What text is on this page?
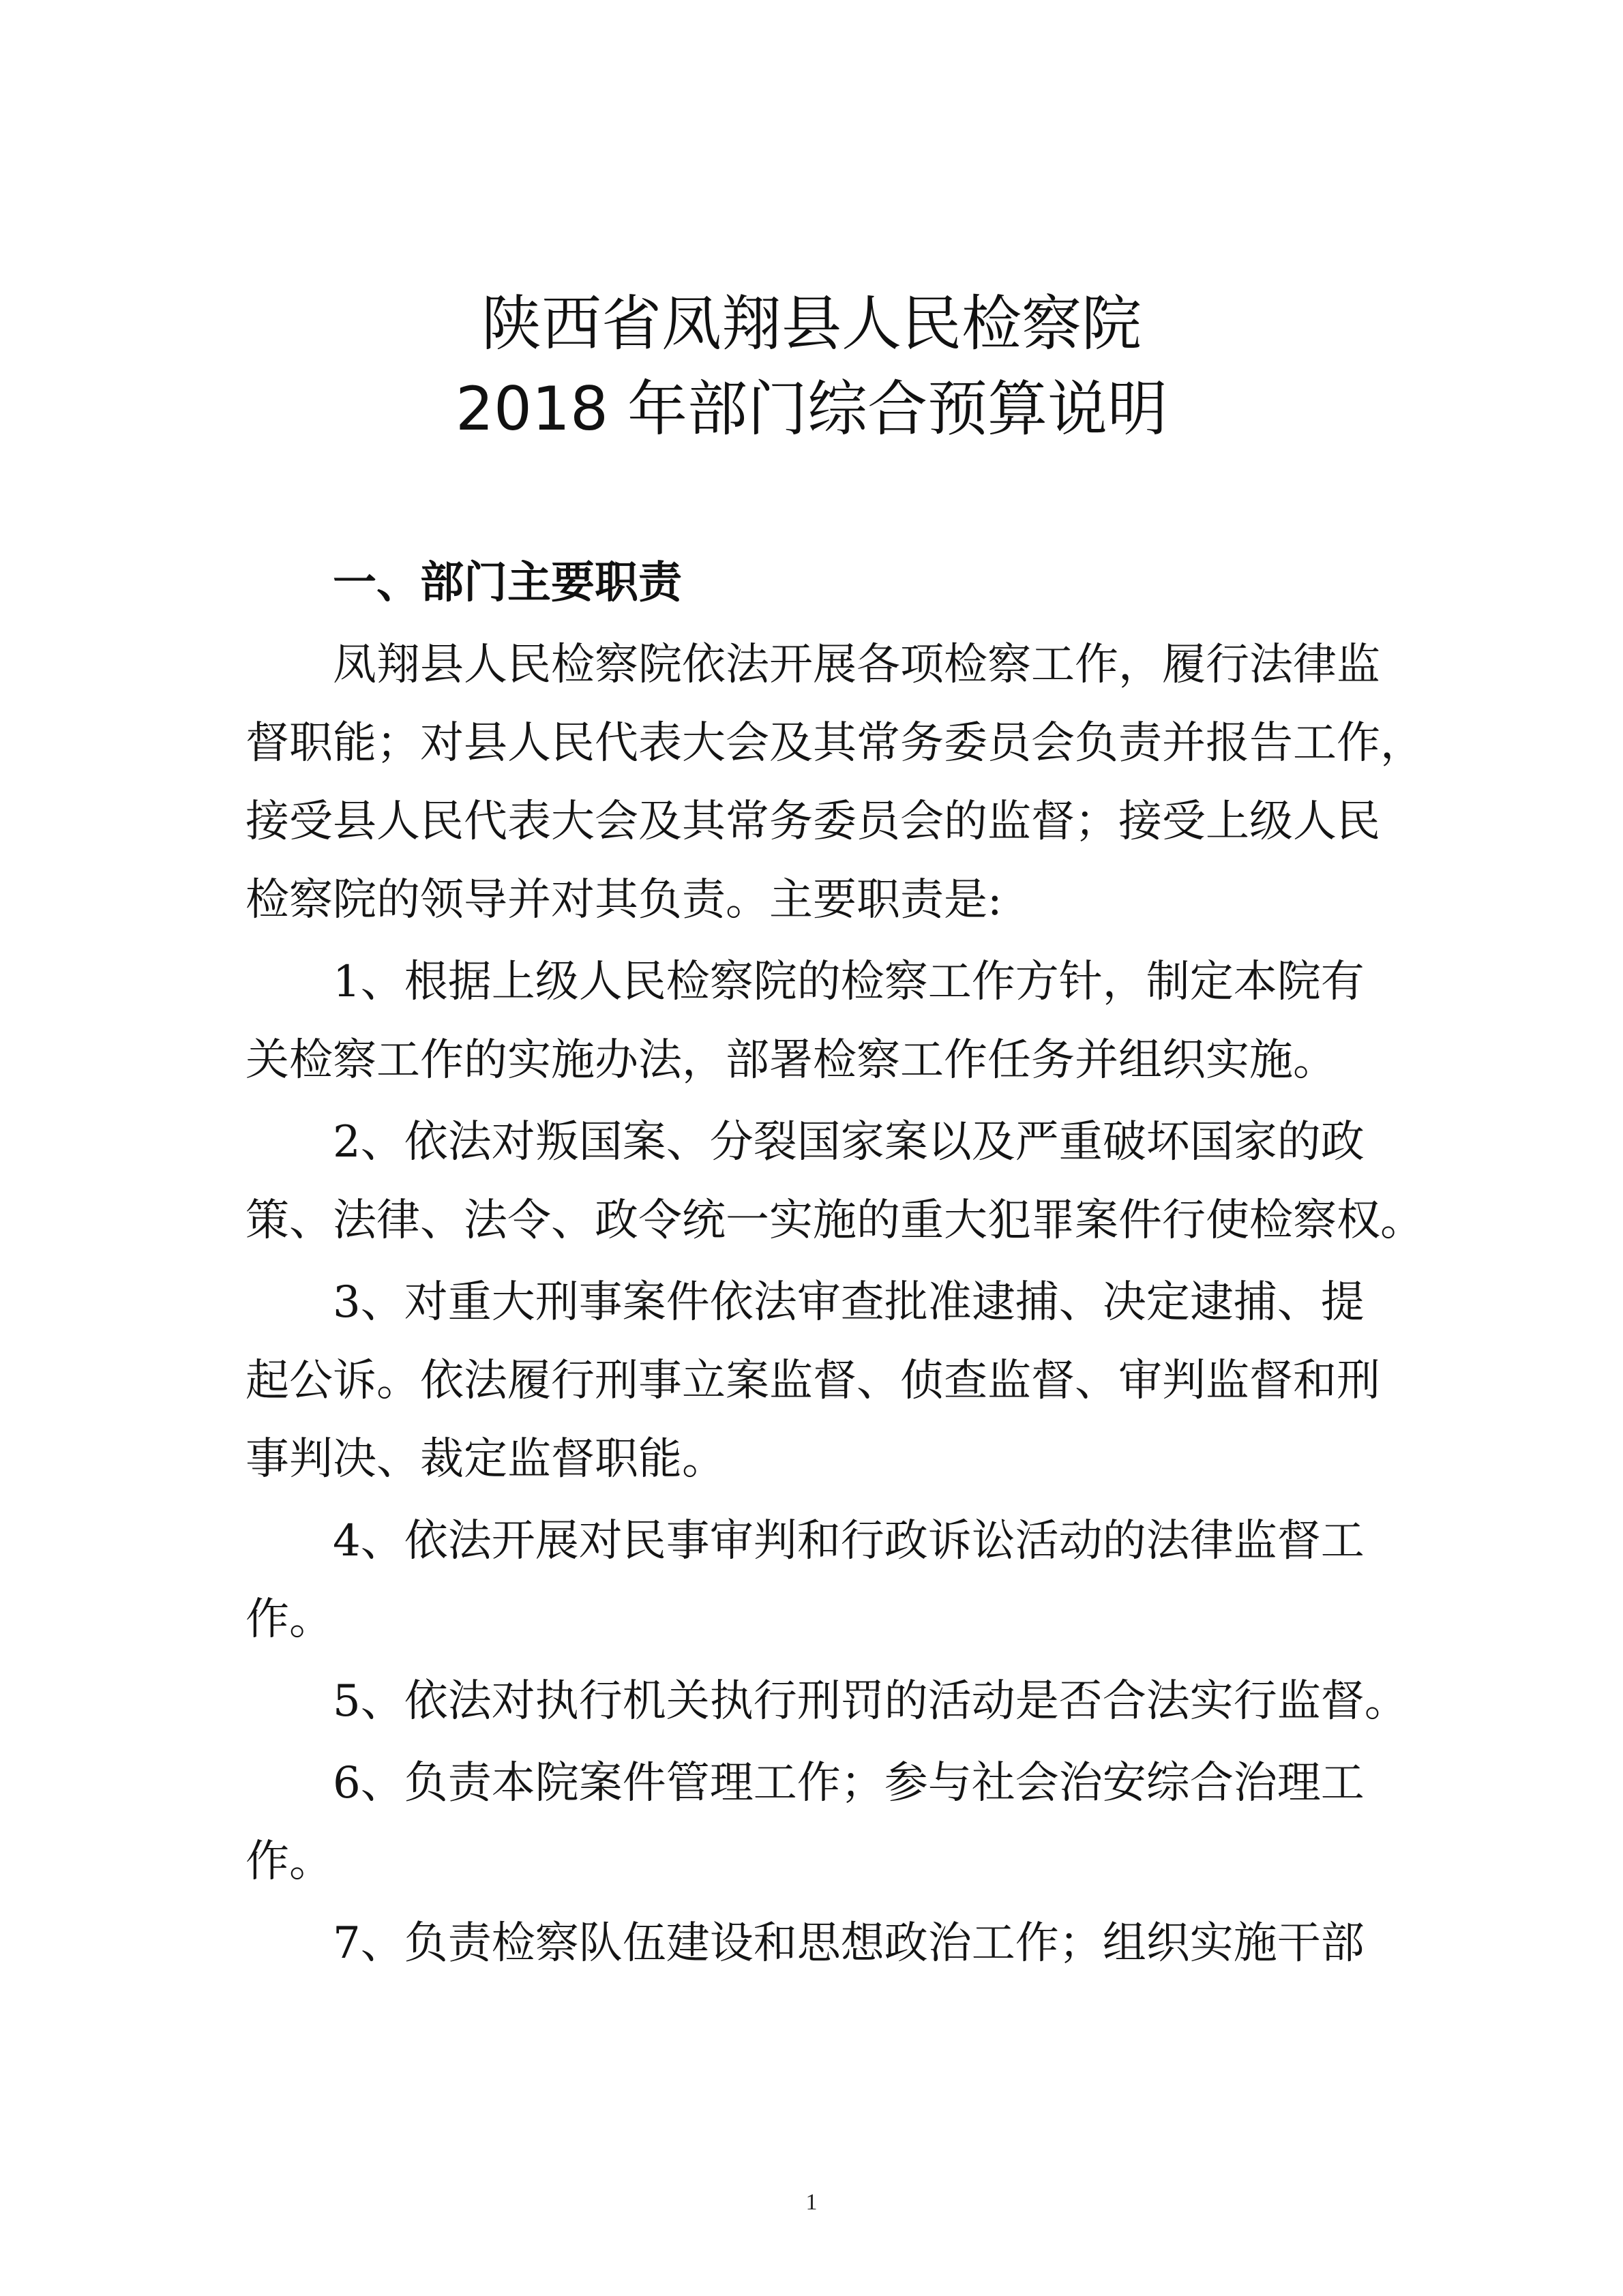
陕西省凤翔县人民检察院
2018 年部门综合预算说明
一、部门主要职责
凤翔县人民检察院依法开展各项检察工作，履行法律监
督职能；对县人民代表大会及其常务委员会负责并报告工作，
接受县人民代表大会及其常务委员会的监督；接受上级人民
检察院的领导并对其负责。主要职责是:
1、根据上级人民检察院的检察工作方针，制定本院有
关检察工作的实施办法，部署检察工作任务并组织实施。
2、依法对叛国案、分裂国家案以及严重破坏国家的政
策、法律、法令、政令统一实施的重大犯罪案件行使检察权。
3、对重大刑事案件依法审查批准逮捕、决定逮捕、提
起公诉。依法履行刑事立案监督、侦查监督、审判监督和刑
事判决、裁定监督职能。
4、依法开展对民事审判和行政诉讼活动的法律监督工
作。
5、依法对执行机关执行刑罚的活动是否合法实行监督。
6、负责本院案件管理工作；参与社会治安综合治理工
作。
7、负责检察队伍建设和思想政治工作；组织实施干部
1
